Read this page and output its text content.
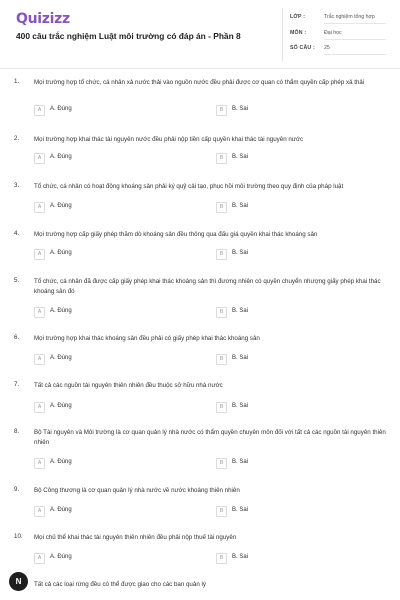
Quizizz
400 câu trắc nghiệm Luật môi trường có đáp án - Phần 8
LỚP :	Trắc nghiệm tổng hợp
MÔN :	Đại học
SỐ CÂU : 25
1. Mọi trường hợp tổ chức, cá nhân xả nước thải vào nguồn nước đều phải được cơ quan có thẩm quyền cấp phép xả thải
A	A. Đúng	B	B. Sai
2. Mọi trường hợp khai thác tài nguyên nước đều phải nộp tiền cấp quyền khai thác tài nguyên nước
A	A. Đúng	B	B. Sai
3. Tổ chức, cá nhân có hoạt động khoáng sản phải ký quỹ cải tạo, phục hồi môi trường theo quy định của pháp luật
A	A. Đúng	B	B. Sai
4. Mọi trường hợp cấp giấy phép thăm dò khoáng sản đều thông qua đấu giá quyền khai thác khoáng sản
A	A. Đúng	B	B. Sai
5. Tổ chức, cá nhân đã được cấp giấy phép khai thác khoáng sản thì đương nhiên có quyền chuyển nhượng giấy phép khai thác khoáng sản đó
A	A. Đúng	B	B. Sai
6. Mọi trường hợp khai thác khoáng sản đều phải có giấy phép khai thác khoáng sản
A	A. Đúng	B	B. Sai
7. Tất cả các nguồn tài nguyên thiên nhiên đều thuộc sở hữu nhà nước
A	A. Đúng	B	B. Sai
8. Bộ Tài nguyên và Môi trường là cơ quan quản lý nhà nước có thẩm quyền chuyên môn đối với tất cả các nguồn tài nguyên thiên nhiên
A	A. Đúng	B	B. Sai
9. Bộ Công thương là cơ quan quản lý nhà nước về nước khoáng thiên nhiên
A	A. Đúng	B	B. Sai
10. Mọi chủ thể khai thác tài nguyên thiên nhiên đều phải nộp thuế tài nguyên
A	A. Đúng	B	B. Sai
Tất cả các loại rừng đều có thể được giao cho các ban quản lý
N
